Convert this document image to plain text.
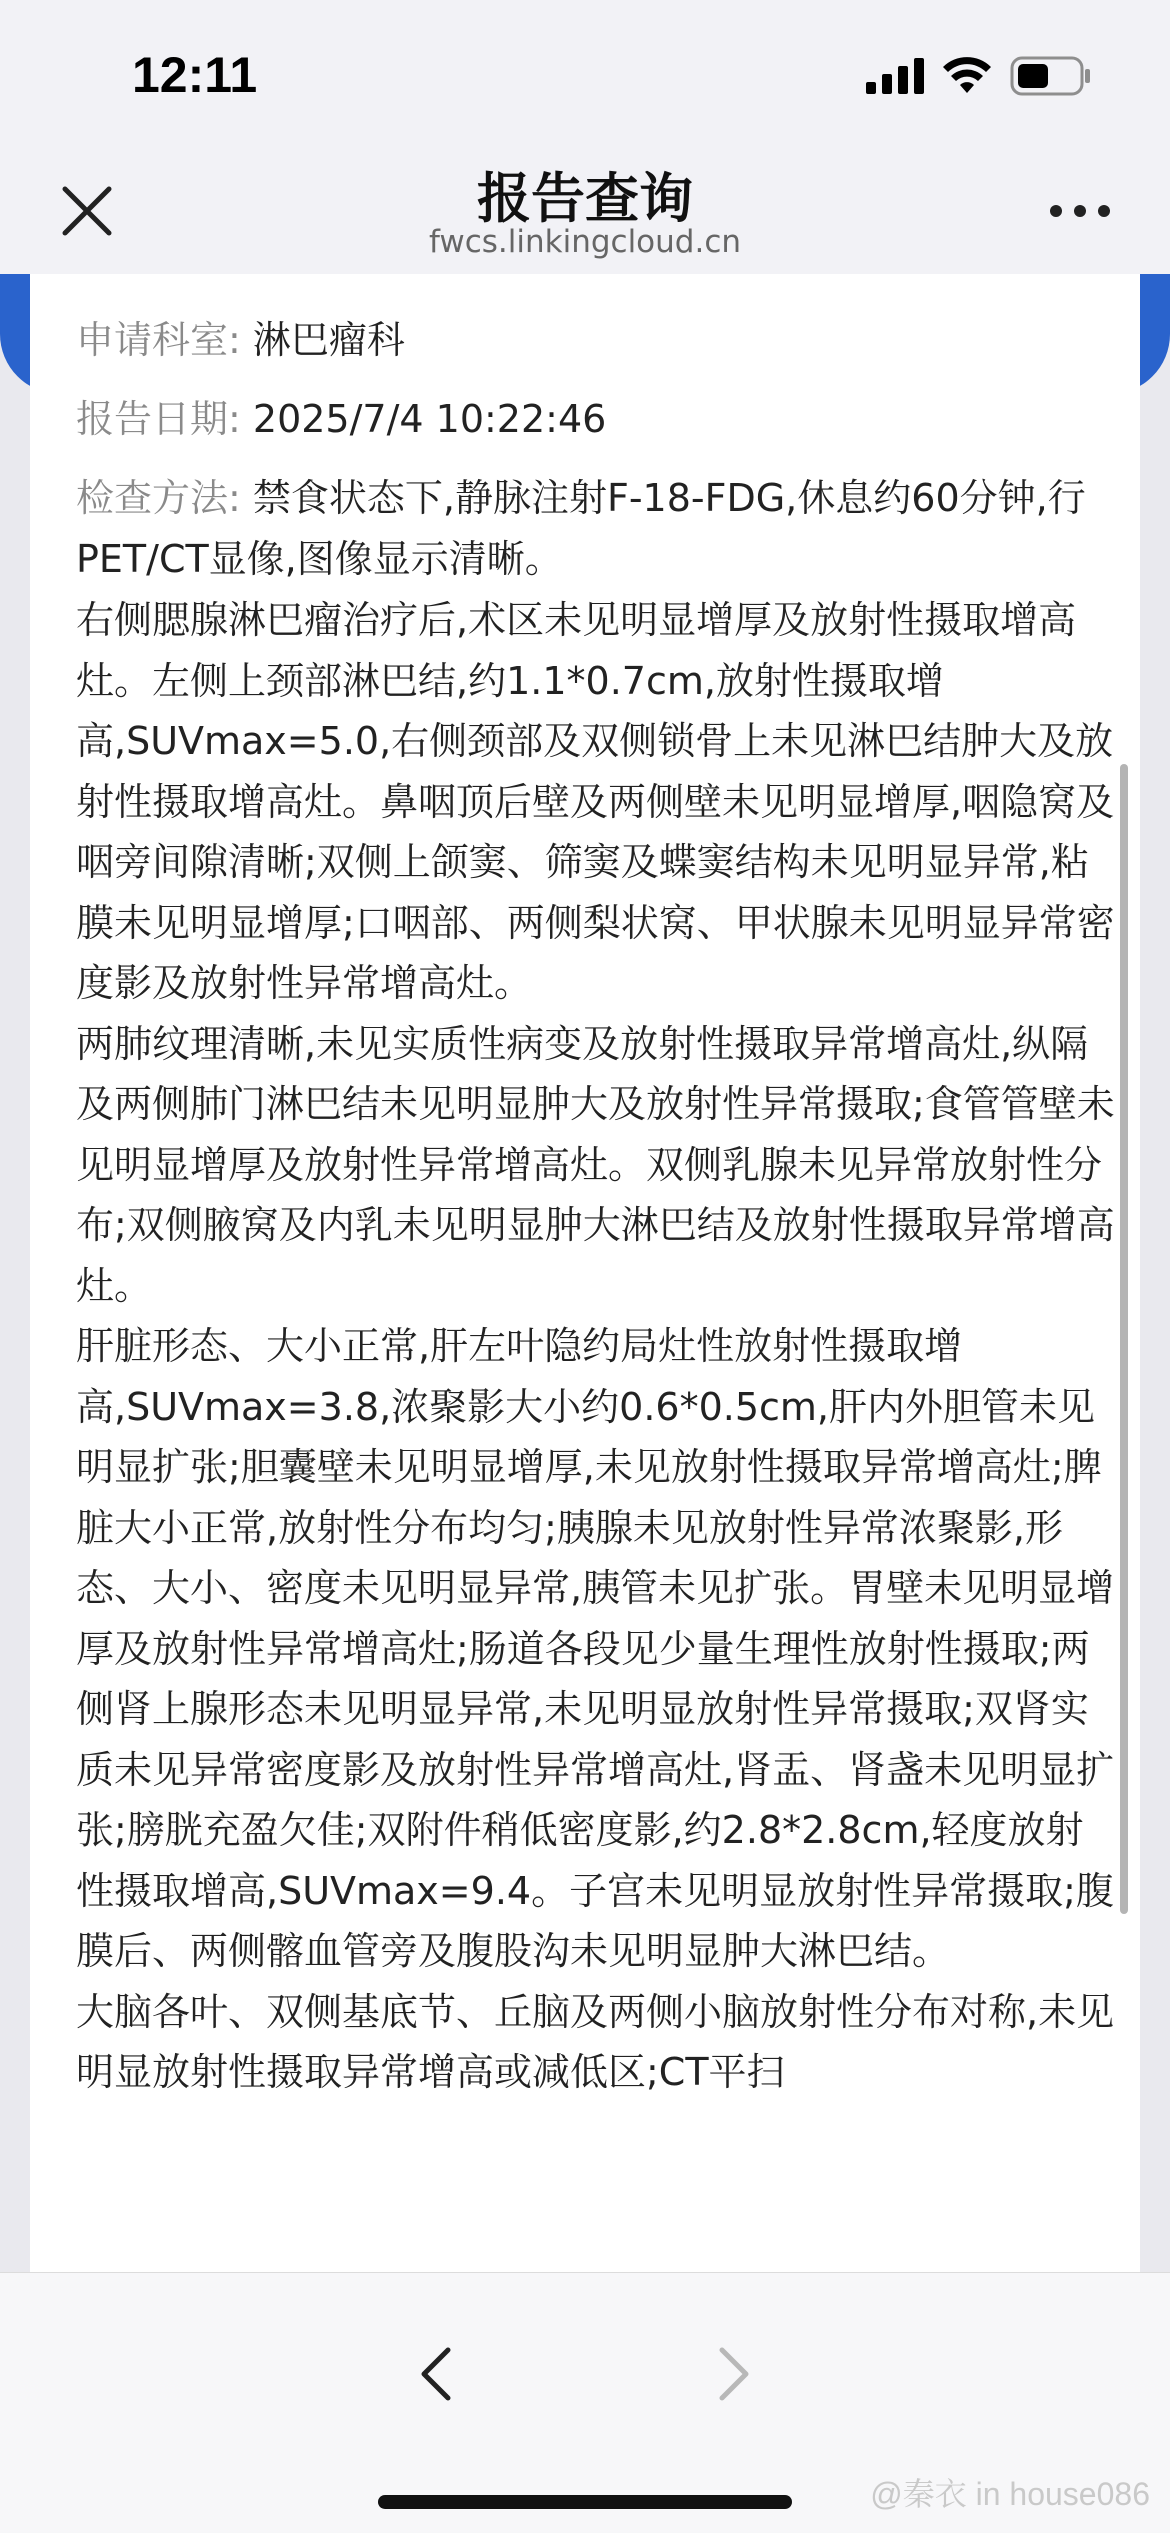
12:11
报告查询
fwcs.linkingcloud.cn

申请科室: 淋巴瘤科

报告日期: 2025/7/4 10:22:46

检查方法: 禁食状态下,静脉注射F-18-FDG,休息约60分钟,行PET/CT显像,图像显示清晰。

右侧腮腺淋巴瘤治疗后,术区未见明显增厚及放射性摄取增高灶。左侧上颈部淋巴结,约1.1*0.7cm,放射性摄取增高,SUVmax=5.0,右侧颈部及双侧锁骨上未见淋巴结肿大及放射性摄取增高灶。鼻咽顶后壁及两侧壁未见明显增厚,咽隐窝及咽旁间隙清晰;双侧上颌窦、筛窦及蝶窦结构未见明显异常,粘膜未见明显增厚;口咽部、两侧梨状窝、甲状腺未见明显异常密度影及放射性异常增高灶。

两肺纹理清晰,未见实质性病变及放射性摄取异常增高灶,纵隔及两侧肺门淋巴结未见明显肿大及放射性异常摄取;食管管壁未见明显增厚及放射性异常增高灶。双侧乳腺未见异常放射性分布;双侧腋窝及内乳未见明显肿大淋巴结及放射性摄取异常增高灶。

肝脏形态、大小正常,肝左叶隐约局灶性放射性摄取增高,SUVmax=3.8,浓聚影大小约0.6*0.5cm,肝内外胆管未见明显扩张;胆囊壁未见明显增厚,未见放射性摄取异常增高灶;脾脏大小正常,放射性分布均匀;胰腺未见放射性异常浓聚影,形态、大小、密度未见明显异常,胰管未见扩张。胃壁未见明显增厚及放射性异常增高灶;肠道各段见少量生理性放射性摄取;两侧肾上腺形态未见明显异常,未见明显放射性异常摄取;双肾实质未见异常密度影及放射性异常增高灶,肾盂、肾盏未见明显扩张;膀胱充盈欠佳;双附件稍低密度影,约2.8*2.8cm,轻度放射性摄取增高,SUVmax=9.4。子宫未见明显放射性异常摄取;腹膜后、两侧髂血管旁及腹股沟未见明显肿大淋巴结。

大脑各叶、双侧基底节、丘脑及两侧小脑放射性分布对称,未见明显放射性摄取异常增高或减低区;CT平扫

@秦衣 in house086
